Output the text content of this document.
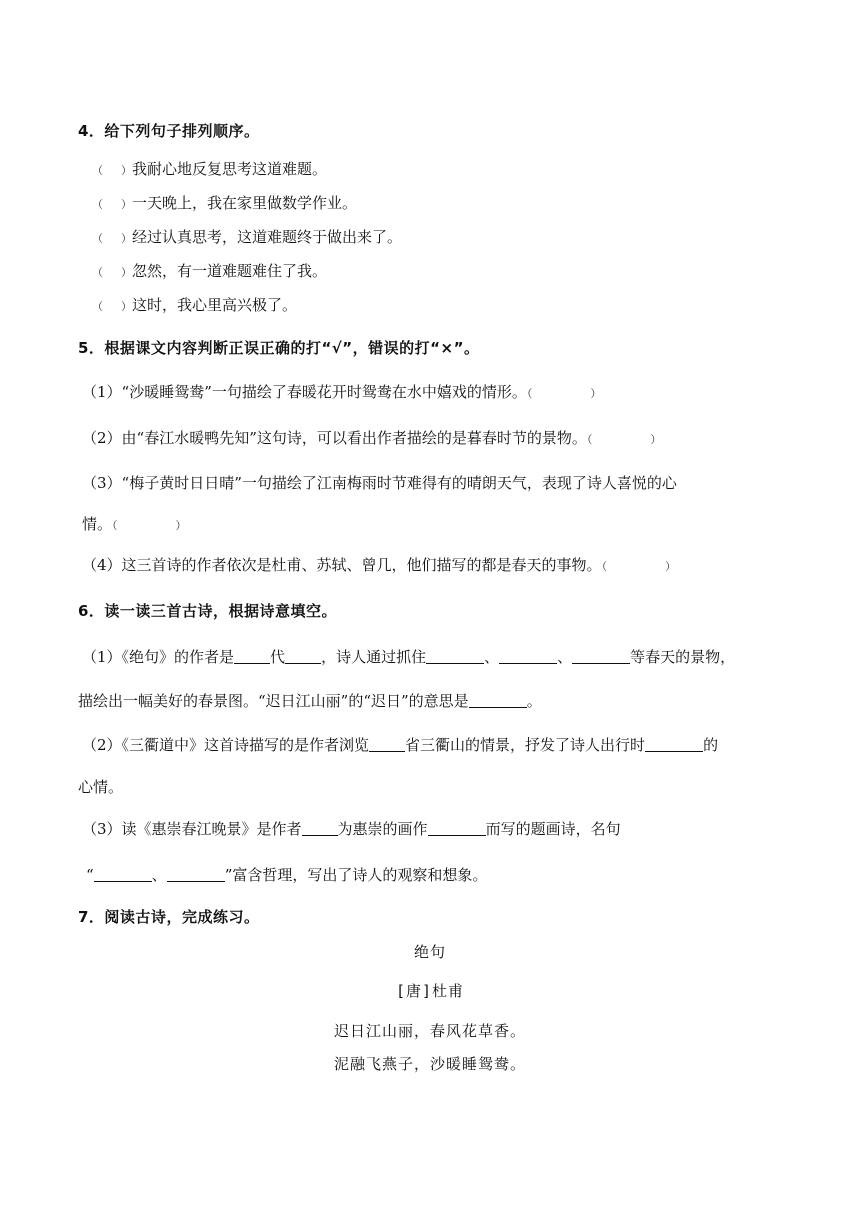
4．给下列句子排列顺序。
（ ）我耐心地反复思考这道难题。
（ ）一天晚上，我在家里做数学作业。
（ ）经过认真思考，这道难题终于做出来了。
（ ）忽然，有一道难题难住了我。
（ ）这时，我心里高兴极了。
5．根据课文内容判断正误正确的打“√”，错误的打“×”。
（1）“沙暖睡鸳鸯”一句描绘了春暖花开时鸳鸯在水中嬉戏的情形。（	）
（2）由“春江水暖鸭先知”这句诗，可以看出作者描绘的是暮春时节的景物。（	）
（3）“梅子黄时日日晴”一句描绘了江南梅雨时节难得有的晴朗天气，表现了诗人喜悦的心
情。（	）
（4）这三首诗的作者依次是杜甫、苏轼、曾几，他们描写的都是春天的事物。（	）
6．读一读三首古诗，根据诗意填空。
（1）《绝句》的作者是 代 ，诗人通过抓住	、	、	等春天的景物，
描绘出一幅美好的春景图。“迟日江山丽”的“迟日”的意思是	。
（2）《三衢道中》这首诗描写的是作者浏览 省三衢山的情景，抒发了诗人出行时	的
心情。
（3）读《惠崇春江晚景》是作者 为惠崇的画作	而写的题画诗，名句
“	、	”富含哲理，写出了诗人的观察和想象。
7．阅读古诗，完成练习。
绝句
[唐]杜甫
迟日江山丽，春风花草香。
泥融飞燕子，沙暖睡鸳鸯。
